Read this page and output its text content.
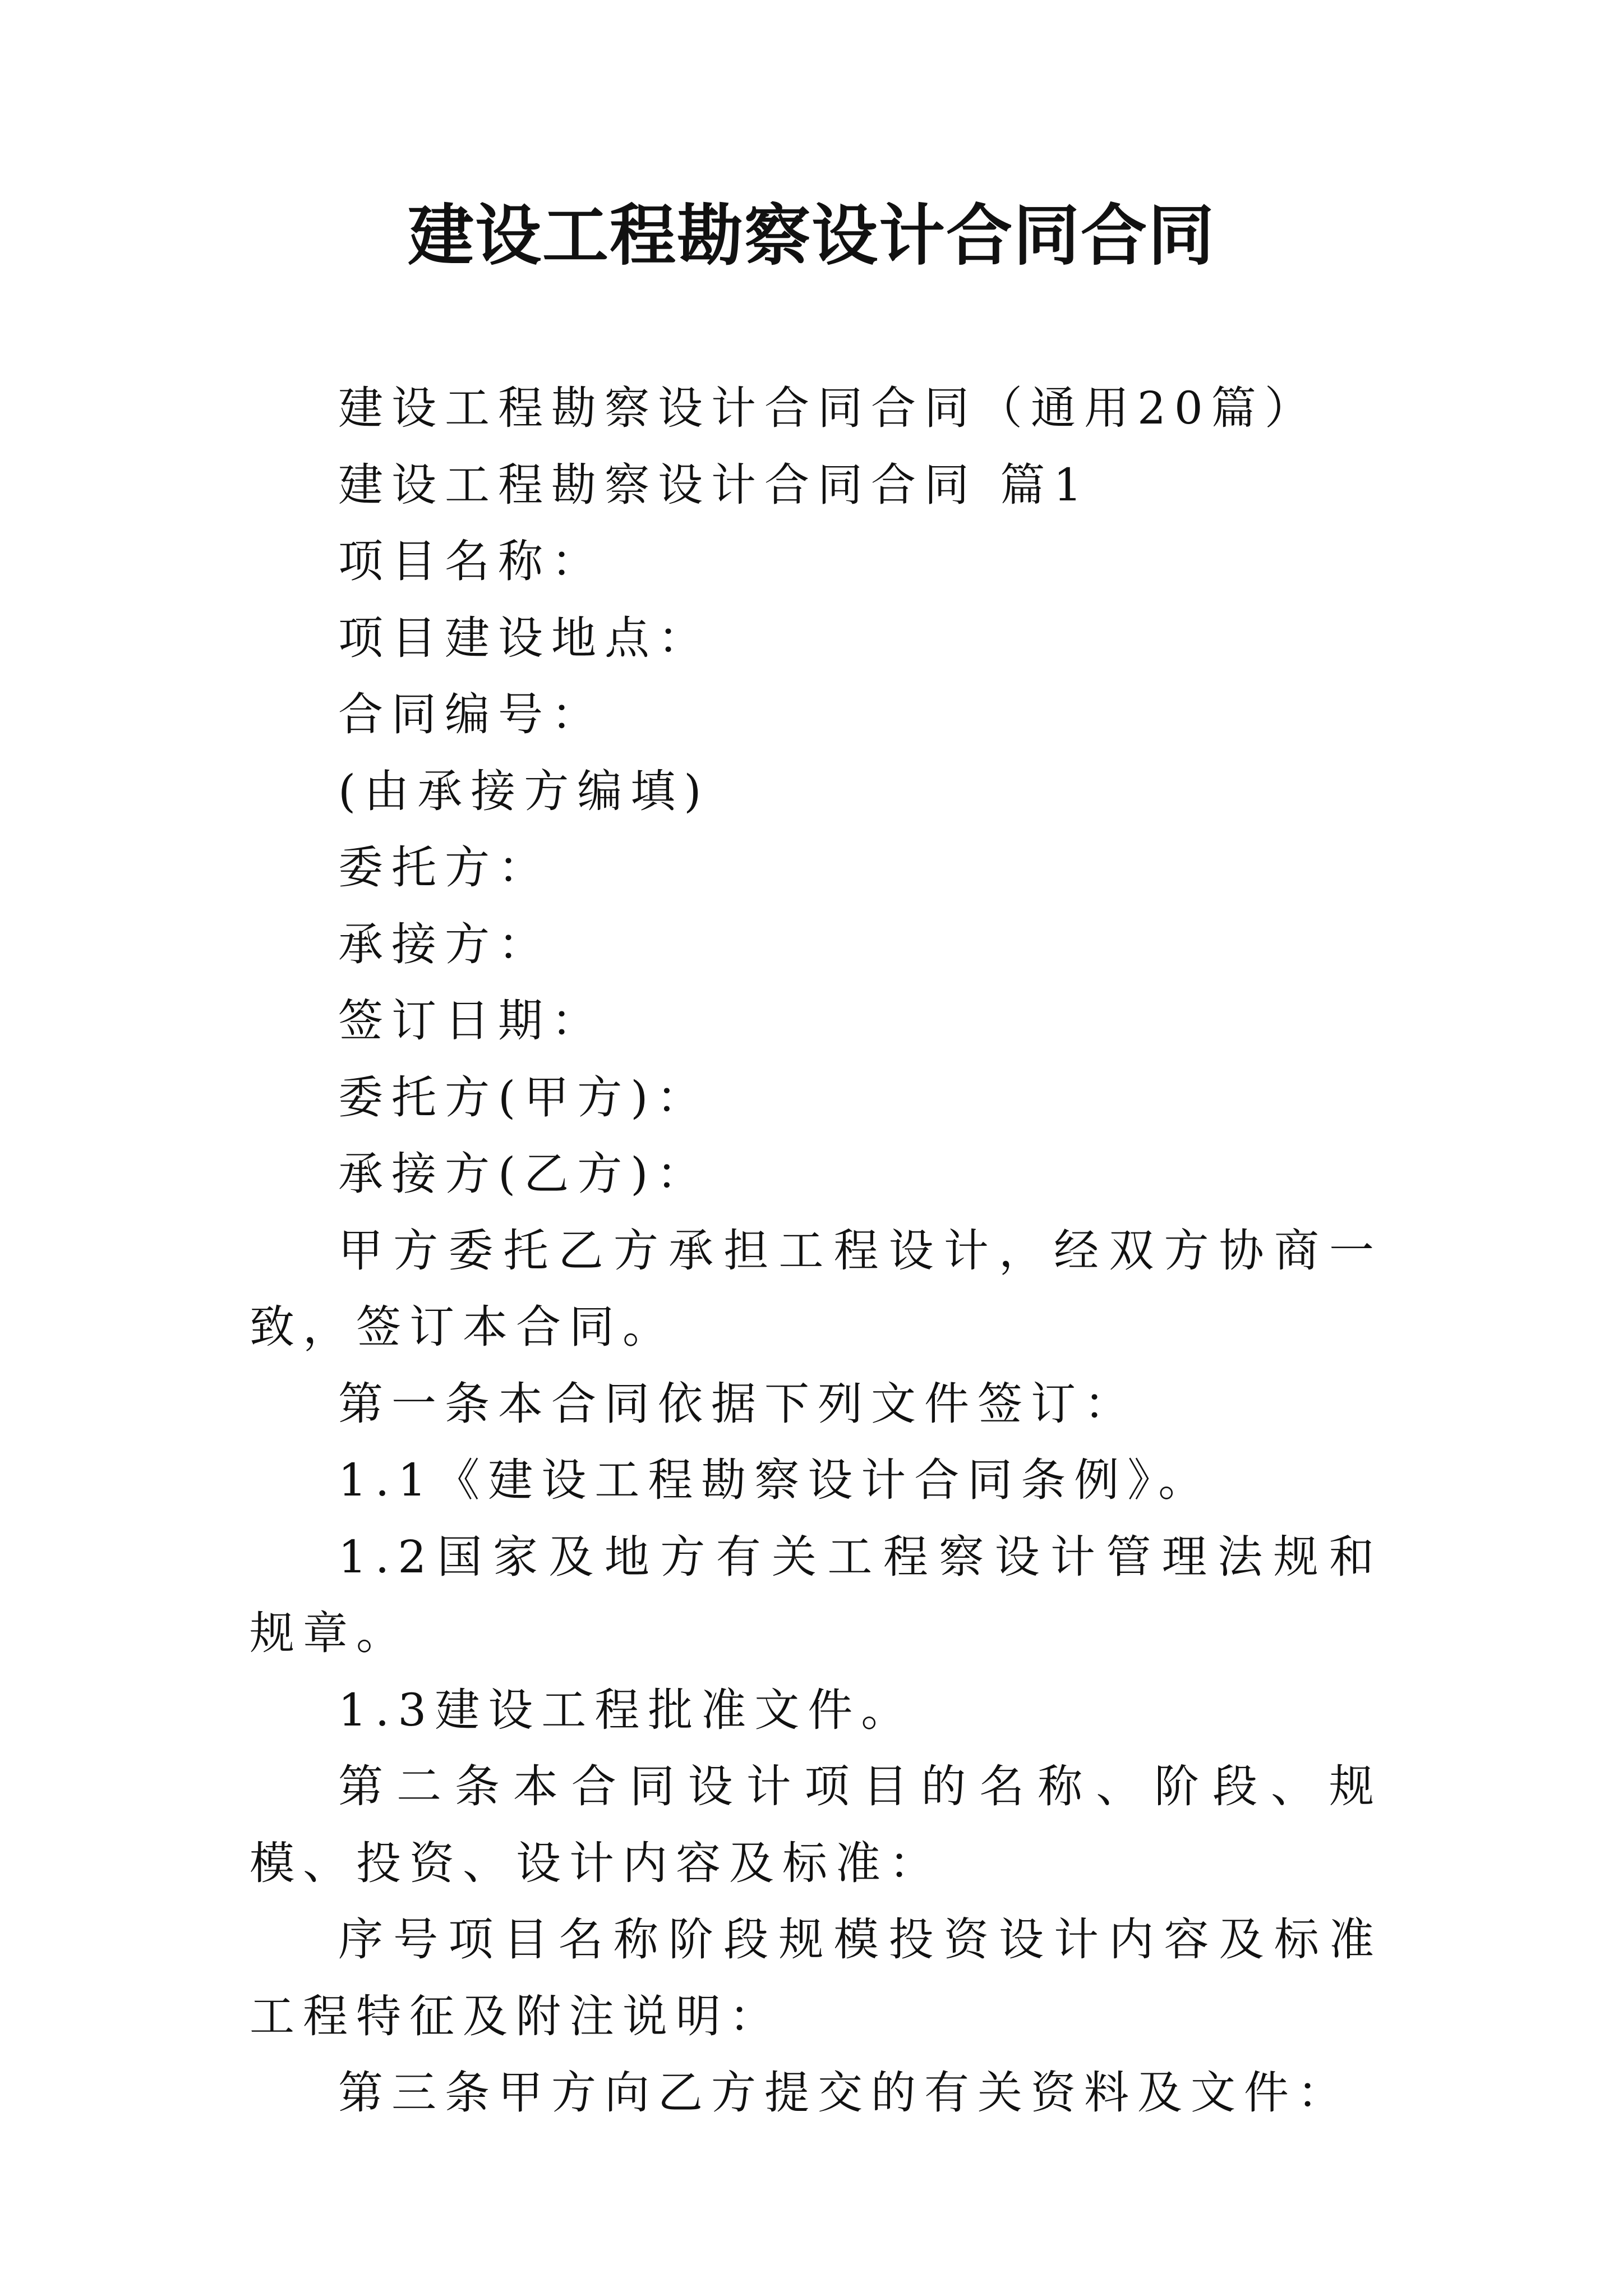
建设工程勘察设计合同合同

建设工程勘察设计合同合同（通用20篇）

建设工程勘察设计合同合同 篇1

项目名称：

项目建设地点：

合同编号：

(由承接方编填)

委托方：

承接方：

签订日期：

委托方(甲方)：

承接方(乙方)：

甲方委托乙方承担工程设计，经双方协商一致，签订本合同。

第一条本合同依据下列文件签订：

1.1《建设工程勘察设计合同条例》。

1.2国家及地方有关工程察设计管理法规和规章。

1.3建设工程批准文件。

第二条本合同设计项目的名称、阶段、规模、投资、设计内容及标准：

序号项目名称阶段规模投资设计内容及标准工程特征及附注说明：

第三条甲方向乙方提交的有关资料及文件：
